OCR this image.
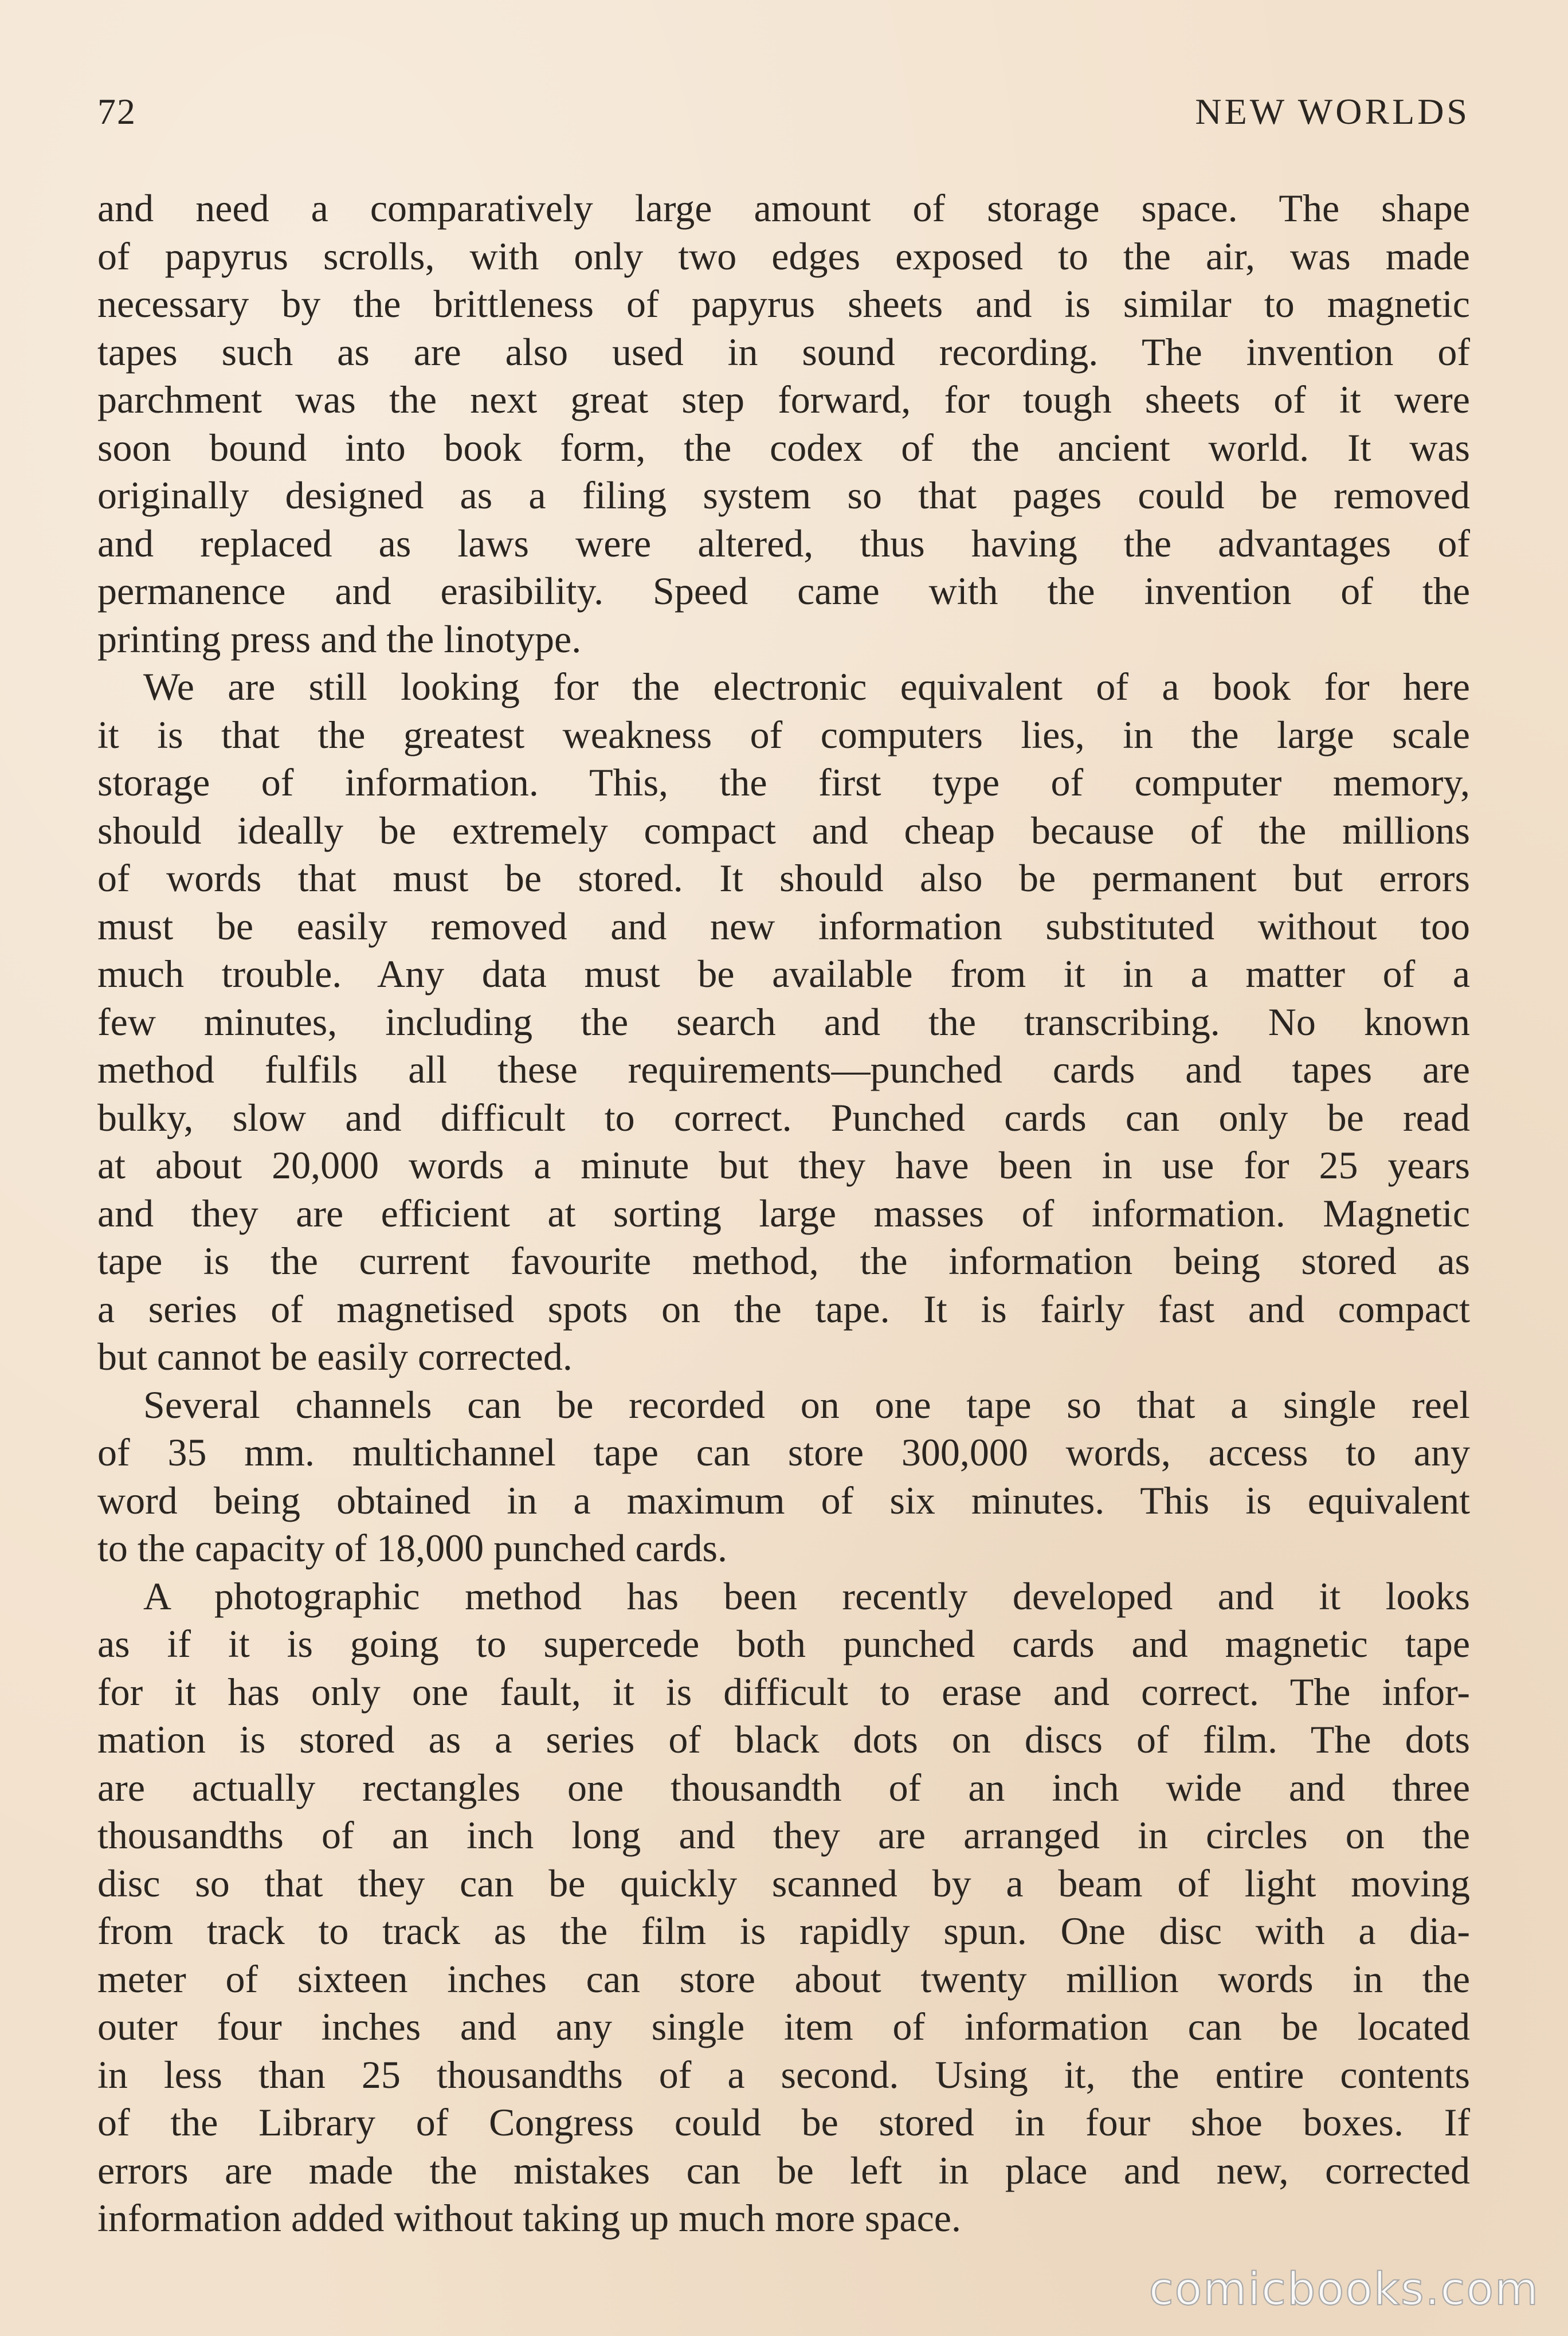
72	NEW WORLDS
and need a comparatively large amount of storage space. The shape
of papyrus scrolls, with only two edges exposed to the air, was made
necessary by the brittleness of papyrus sheets and is similar to magnetic
tapes such as are also used in sound recording. The invention of
parchment was the next great step forward, for tough sheets of it were
soon bound into book form, the codex of the ancient world. It was
originally designed as a filing system so that pages could be removed
and replaced as laws were altered, thus having the advantages of
permanence and erasibility. Speed came with the invention of the
printing press and the linotype.
We are still looking for the electronic equivalent of a book for here
it is that the greatest weakness of computers lies, in the large scale
storage of information. This, the first type of computer memory,
should ideally be extremely compact and cheap because of the millions
of words that must be stored. It should also be permanent but errors
must be easily removed and new information substituted without too
much trouble. Any data must be available from it in a matter of a
few minutes, including the search and the transcribing. No known
method fulfils all these requirements—punched cards and tapes are
bulky, slow and difficult to correct. Punched cards can only be read
at about 20,000 words a minute but they have been in use for 25 years
and they are efficient at sorting large masses of information. Magnetic
tape is the current favourite method, the information being stored as
a series of magnetised spots on the tape. It is fairly fast and compact
but cannot be easily corrected.
Several channels can be recorded on one tape so that a single reel
of 35 mm. multichannel tape can store 300,000 words, access to any
word being obtained in a maximum of six minutes. This is equivalent
to the capacity of 18,000 punched cards.
A photographic method has been recently developed and it looks
as if it is going to supercede both punched cards and magnetic tape
for it has only one fault, it is difficult to erase and correct. The infor-
mation is stored as a series of black dots on discs of film. The dots
are actually rectangles one thousandth of an inch wide and three
thousandths of an inch long and they are arranged in circles on the
disc so that they can be quickly scanned by a beam of light moving
from track to track as the film is rapidly spun. One disc with a dia-
meter of sixteen inches can store about twenty million words in the
outer four inches and any single item of information can be located
in less than 25 thousandths of a second. Using it, the entire contents
of the Library of Congress could be stored in four shoe boxes. If
errors are made the mistakes can be left in place and new, corrected
information added without taking up much more space.
comicbooks.com
